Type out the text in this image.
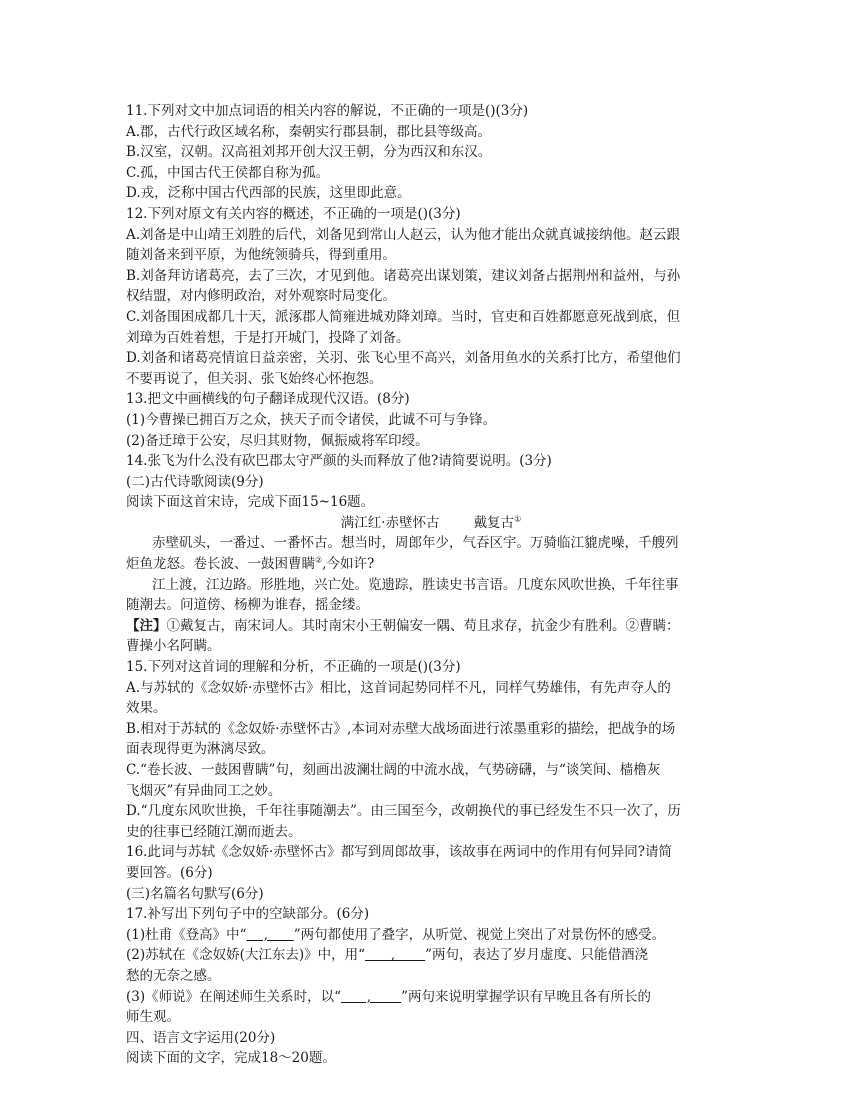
11.下列对文中加点词语的相关内容的解说，不正确的一项是()(3分)
A.郡，古代行政区域名称，秦朝实行郡县制，郡比县等级高。
B.汉室，汉朝。汉高祖刘邦开创大汉王朝，分为西汉和东汉。
C.孤，中国古代王侯都自称为孤。
D.戎，泛称中国古代西部的民族，这里即此意。
12.下列对原文有关内容的概述，不正确的一项是()(3分)
A.刘备是中山靖王刘胜的后代，刘备见到常山人赵云，认为他才能出众就真诚接纳他。赵云跟
随刘备来到平原，为他统领骑兵，得到重用。
B.刘备拜访诸葛亮，去了三次，才见到他。诸葛亮出谋划策，建议刘备占据荆州和益州，与孙
权结盟，对内修明政治，对外观察时局变化。
C.刘备围困成都几十天，派涿郡人简雍进城劝降刘璋。当时，官吏和百姓都愿意死战到底，但
刘璋为百姓着想，于是打开城门，投降了刘备。
D.刘备和诸葛亮情谊日益亲密，关羽、张飞心里不高兴，刘备用鱼水的关系打比方，希望他们
不要再说了，但关羽、张飞始终心怀抱怨。
13.把文中画横线的句子翻译成现代汉语。(8分)
(1)今曹操已拥百万之众，挟天子而令诸侯，此诚不可与争锋。
(2)备迁璋于公安，尽归其财物，佩振威将军印绶。
14.张飞为什么没有砍巴郡太守严颜的头而释放了他?请简要说明。(3分)
(二)古代诗歌阅读(9分)
阅读下面这首宋诗，完成下面15~16题。
满江红·赤壁怀古	戴复古①
赤壁矶头，一番过、一番怀古。想当时，周郎年少，气吞区宇。万骑临江貔虎噪，千艘列
炬鱼龙怒。卷长波、一鼓困曹瞒②,今如许?
江上渡，江边路。形胜地，兴亡处。览遗踪，胜读史书言语。几度东风吹世换，千年往事
随潮去。问道傍、杨柳为谁春，摇金缕。
【注】①戴复古，南宋词人。其时南宋小王朝偏安一隅、苟且求存，抗金少有胜利。②曹瞒：
曹操小名阿瞒。
15.下列对这首词的理解和分析，不正确的一项是()(3分)
A.与苏轼的《念奴娇·赤壁怀古》相比，这首词起势同样不凡，同样气势雄伟，有先声夺人的
效果。
B.相对于苏轼的《念奴娇·赤壁怀古》,本词对赤壁大战场面进行浓墨重彩的描绘，把战争的场
面表现得更为淋漓尽致。
C.“卷长波、一鼓困曹瞒”句，刻画出波澜壮阔的中流水战，气势磅礴，与“谈笑间、樯橹灰
飞烟灭”有异曲同工之妙。
D.“几度东风吹世换，千年往事随潮去”。由三国至今，改朝换代的事已经发生不只一次了，历
史的往事已经随江潮而逝去。
16.此词与苏轼《念奴娇·赤壁怀古》都写到周郎故事，该故事在两词中的作用有何异同?请简
要回答。(6分)
(三)名篇名句默写(6分)
17.补写出下列句子中的空缺部分。(6分)
(1)杜甫《登高》中“    ,      ”两句都使用了叠字，从听觉、视觉上突出了对景伤怀的感受。
(2)苏轼在《念奴娇(大江东去)》中，用“      ,       ”两句，表达了岁月虚度、只能借酒浇
愁的无奈之感。
(3)《师说》在阐述师生关系时，以“      ,       ”两句来说明掌握学识有早晚且各有所长的
师生观。
四、语言文字运用(20分)
阅读下面的文字，完成18～20题。
